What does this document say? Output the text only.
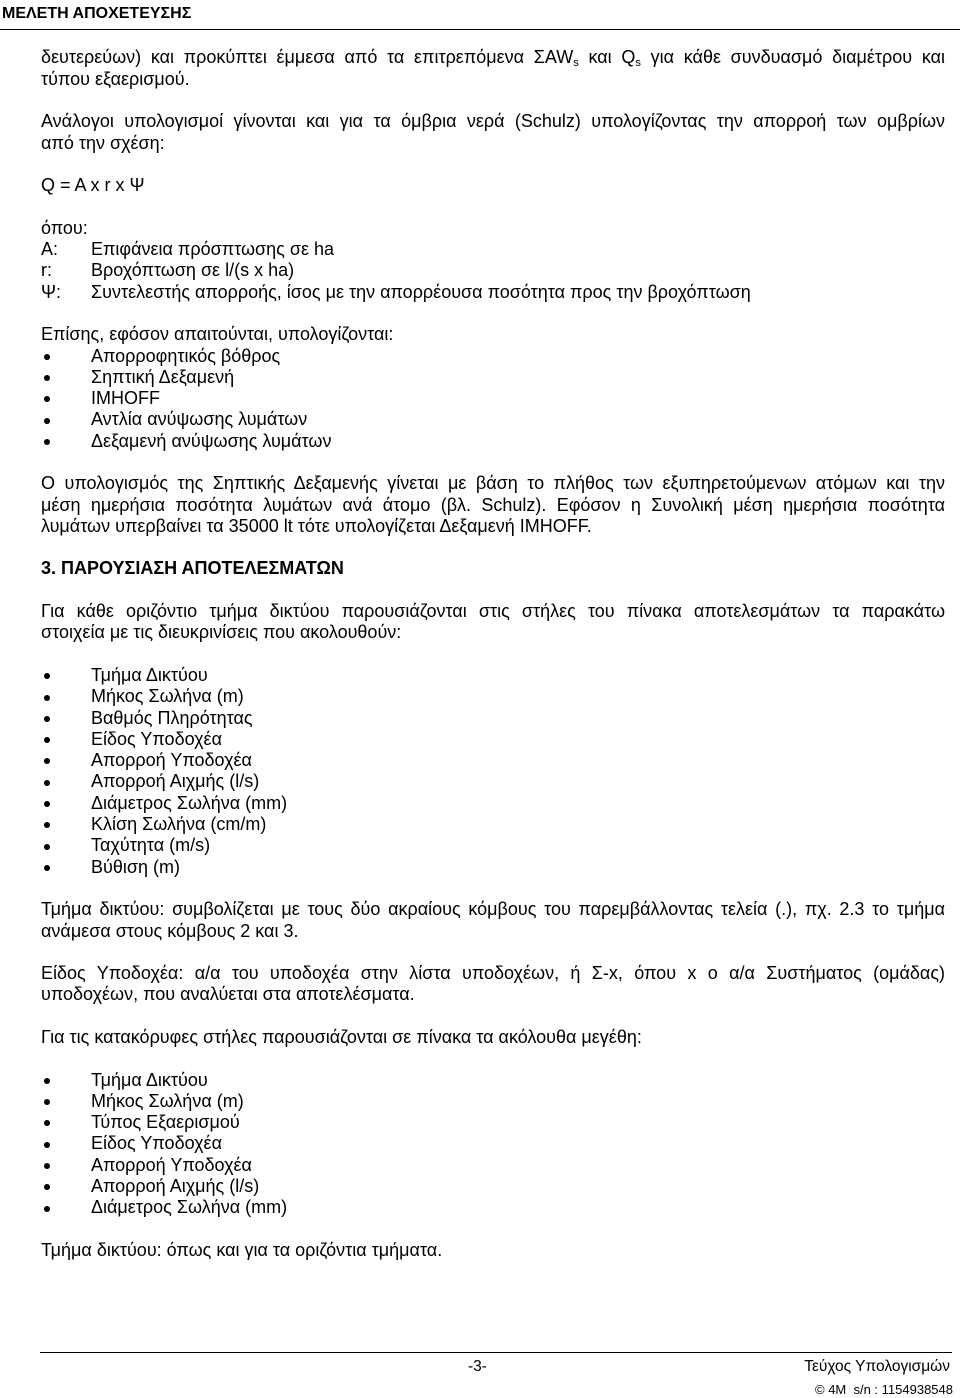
ΜΕΛΕΤΗ ΑΠΟΧΕΤΕΥΣΗΣ
δευτερεύων) και προκύπτει έμμεσα από τα επιτρεπόμενα ΣAWs και Qs για κάθε συνδυασμό διαμέτρου και
τύπου εξαερισμού.
Ανάλογοι υπολογισμοί γίνονται και για τα όμβρια νερά (Schulz) υπολογίζοντας την απορροή των ομβρίων
από την σχέση:
Q = A x r x Ψ
όπου:
A:	Επιφάνεια πρόσπτωσης σε ha
r:	Βροχόπτωση σε l/(s x ha)
Ψ:	Συντελεστής απορροής, ίσος με την απορρέουσα ποσότητα προς την βροχόπτωση
Επίσης, εφόσον απαιτούνται, υπολογίζονται:
Απορροφητικός βόθρος
Σηπτική Δεξαμενή
IMHOFF
Αντλία ανύψωσης λυμάτων
Δεξαμενή ανύψωσης λυμάτων
Ο υπολογισμός της Σηπτικής Δεξαμενής γίνεται με βάση το πλήθος των εξυπηρετούμενων ατόμων και την
μέση ημερήσια ποσότητα λυμάτων ανά άτομο (βλ. Schulz). Εφόσον η Συνολική μέση ημερήσια ποσότητα
λυμάτων υπερβαίνει τα 35000 lt τότε υπολογίζεται Δεξαμενή IMHOFF.
3. ΠΑΡΟΥΣΙΑΣΗ ΑΠΟΤΕΛΕΣΜΑΤΩΝ
Για κάθε οριζόντιο τμήμα δικτύου παρουσιάζονται στις στήλες του πίνακα αποτελεσμάτων τα παρακάτω
στοιχεία με τις διευκρινίσεις που ακολουθούν:
Τμήμα Δικτύου
Μήκος Σωλήνα (m)
Βαθμός Πληρότητας
Είδος Υποδοχέα
Απορροή Υποδοχέα
Απορροή Αιχμής (l/s)
Διάμετρος Σωλήνα (mm)
Κλίση Σωλήνα (cm/m)
Ταχύτητα (m/s)
Βύθιση (m)
Τμήμα δικτύου: συμβολίζεται με τους δύο ακραίους κόμβους του παρεμβάλλοντας τελεία (.), πχ. 2.3 το τμήμα
ανάμεσα στους κόμβους 2 και 3.
Είδος Υποδοχέα: α/α του υποδοχέα στην λίστα υποδοχέων, ή Σ-x, όπου x ο α/α Συστήματος (ομάδας)
υποδοχέων, που αναλύεται στα αποτελέσματα.
Για τις κατακόρυφες στήλες παρουσιάζονται σε πίνακα τα ακόλουθα μεγέθη:
Τμήμα Δικτύου
Μήκος Σωλήνα (m)
Τύπος Εξαερισμού
Είδος Υποδοχέα
Απορροή Υποδοχέα
Απορροή Αιχμής (l/s)
Διάμετρος Σωλήνα (mm)
Τμήμα δικτύου: όπως και για τα οριζόντια τμήματα.
-3-	Τεύχος Υπολογισμών
© 4M  s/n : 1154938548
